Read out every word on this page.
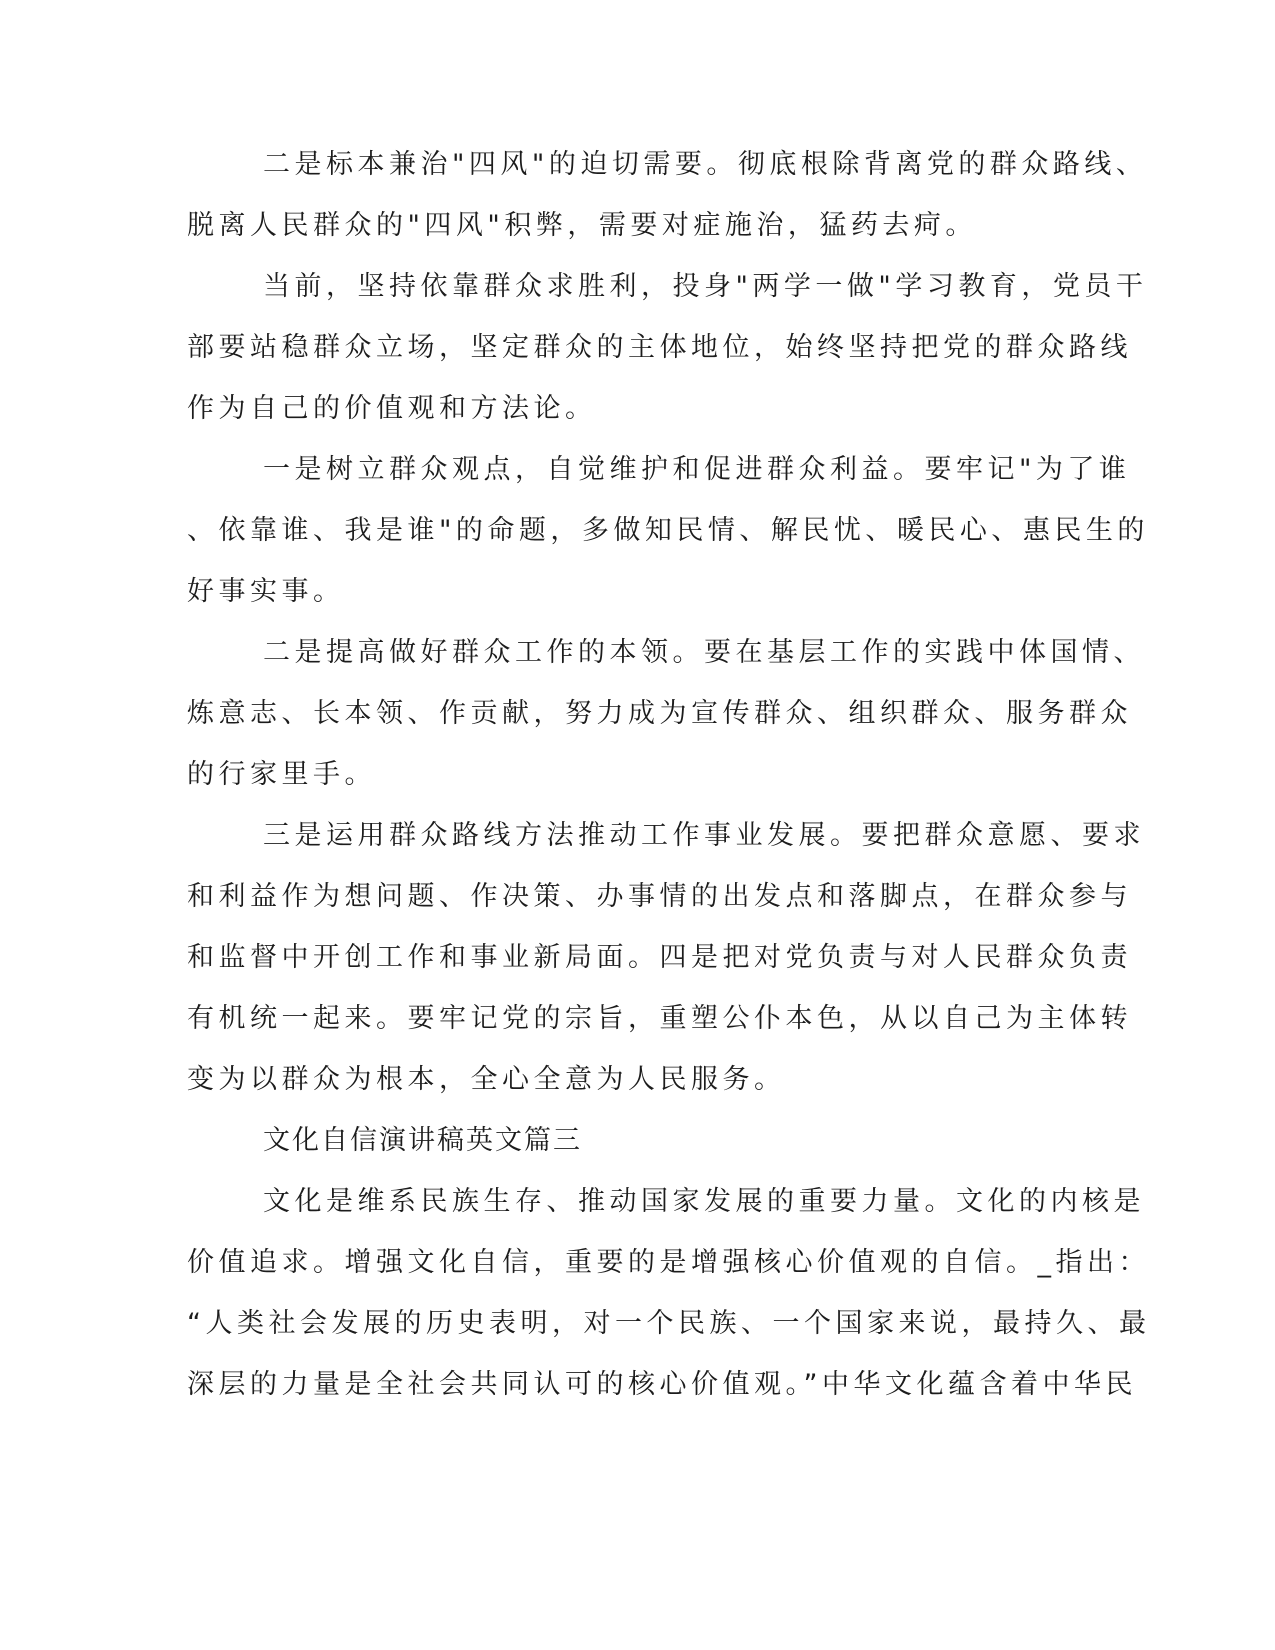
二是标本兼治"四风"的迫切需要。彻底根除背离党的群众路线、
脱离人民群众的"四风"积弊，需要对症施治，猛药去疴。
当前，坚持依靠群众求胜利，投身"两学一做"学习教育，党员干
部要站稳群众立场，坚定群众的主体地位，始终坚持把党的群众路线
作为自己的价值观和方法论。
一是树立群众观点，自觉维护和促进群众利益。要牢记"为了谁
、依靠谁、我是谁"的命题，多做知民情、解民忧、暖民心、惠民生的
好事实事。
二是提高做好群众工作的本领。要在基层工作的实践中体国情、
炼意志、长本领、作贡献，努力成为宣传群众、组织群众、服务群众
的行家里手。
三是运用群众路线方法推动工作事业发展。要把群众意愿、要求
和利益作为想问题、作决策、办事情的出发点和落脚点，在群众参与
和监督中开创工作和事业新局面。四是把对党负责与对人民群众负责
有机统一起来。要牢记党的宗旨，重塑公仆本色，从以自己为主体转
变为以群众为根本，全心全意为人民服务。
文化自信演讲稿英文篇三
文化是维系民族生存、推动国家发展的重要力量。文化的内核是
价值追求。增强文化自信，重要的是增强核心价值观的自信。_指出：
“人类社会发展的历史表明，对一个民族、一个国家来说，最持久、最
深层的力量是全社会共同认可的核心价值观。”中华文化蕴含着中华民
